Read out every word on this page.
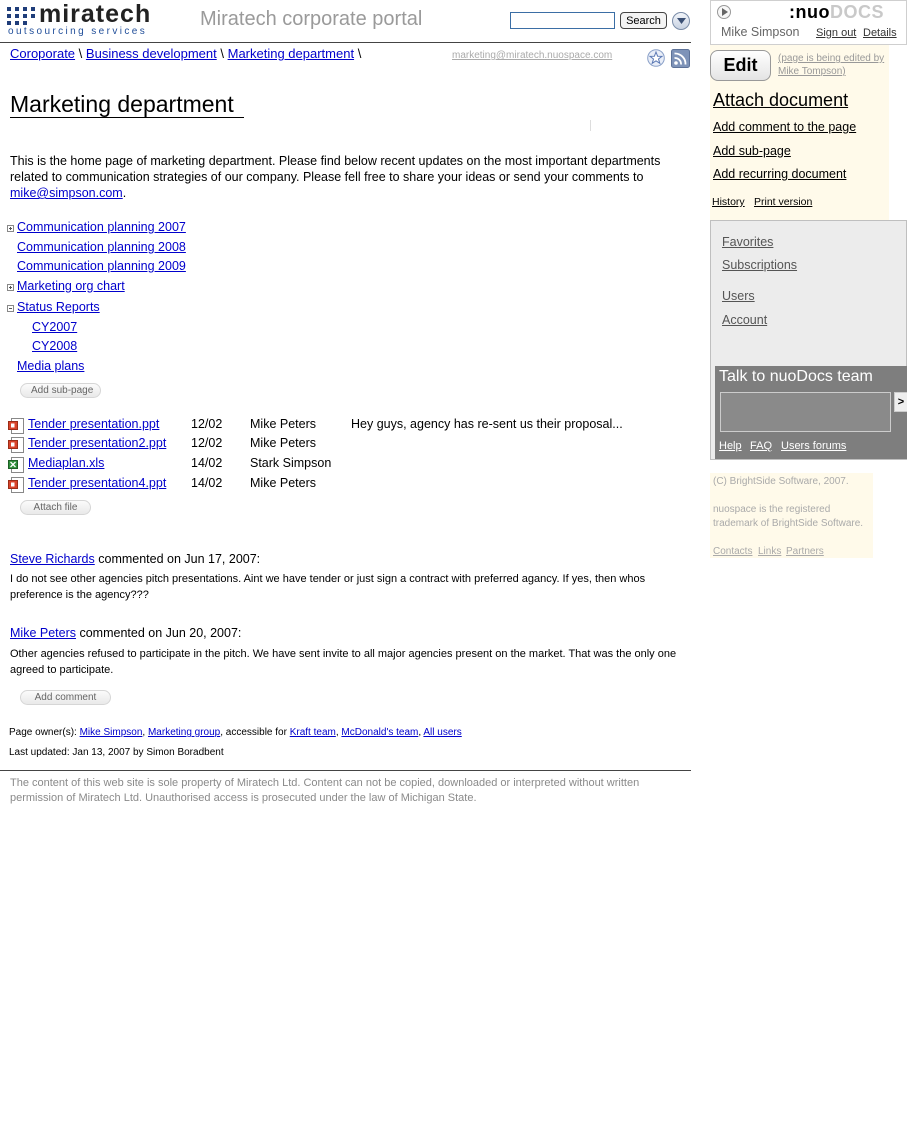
miratech
outsourcing services
Miratech corporate portal	Search
Coroporate \ Business development \ Marketing department \	marketing@miratech.nuospace.com
Marketing department
This is the home page of marketing department. Please find below recent updates on the most important departments related to communication strategies of our company. Please fell free to share your ideas or send your comments to mike@simpson.com.
Communication planning 2007
Communication planning 2008
Communication planning 2009
Marketing org chart
Status Reports
CY2007
CY2008
Media plans
Add sub-page
Tender presentation.ppt	12/02 Mike Peters	Hey guys, agency has re-sent us their proposal...
Tender presentation2.ppt 12/02 Mike Peters
Mediaplan.xls	14/02 Stark Simpson
Tender presentation4.ppt 14/02 Mike Peters
Attach file
Steve Richards commented on Jun 17, 2007:
I do not see other agencies pitch presentations. Aint we have tender or just sign a contract with preferred agancy. If yes, then whos preference is the agency???
Mike Peters commented on Jun 20, 2007:
Other agencies refused to participate in the pitch. We have sent invite to all major agencies present on the market. That was the only one agreed to participate.
Add comment
Page owner(s): Mike Simpson, Marketing group, accessible for Kraft team, McDonald's team, All users
Last updated: Jan 13, 2007 by Simon Boradbent
The content of this web site is sole property of Miratech Ltd. Content can not be copied, downloaded or interpreted without written permission of Miratech Ltd. Unauthorised access is prosecuted under the law of Michigan State.
:nuoDOCS
Mike Simpson Sign out Details
Edit	(page is being edited by Mike Tompson)
Attach document
Add comment to the page
Add sub-page
Add recurring document
History Print version
Favorites
Subscriptions
Users
Account
Talk to nuoDocs team
>
Help FAQ Users forums
(C) BrightSide Software, 2007.
nuospace is the registered trademark of BrightSide Software.
Contacts Links Partners
